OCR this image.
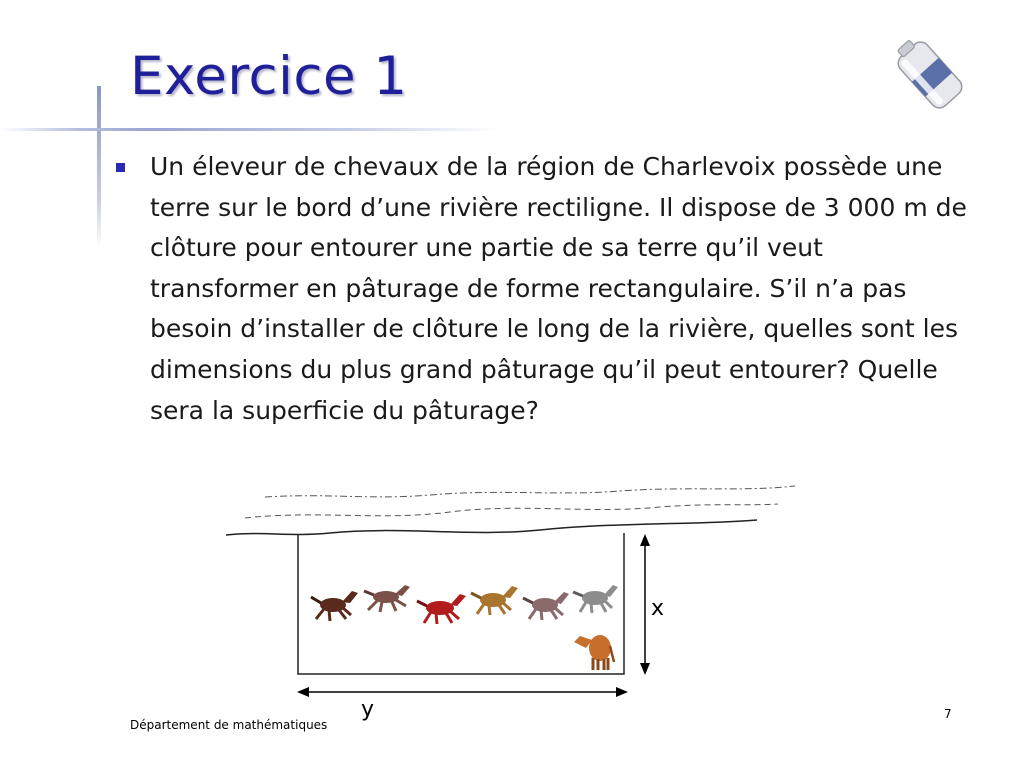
Exercice 1

Un éleveur de chevaux de la région de Charlevoix possède une terre sur le bord d’une rivière rectiligne. Il dispose de 3 000 m de clôture pour entourer une partie de sa terre qu’il veut transformer en pâturage de forme rectangulaire. S’il n’a pas besoin d’installer de clôture le long de la rivière, quelles sont les dimensions du plus grand pâturage qu’il peut entourer? Quelle sera la superficie du pâturage?

x
y
Département de mathématiques
7
